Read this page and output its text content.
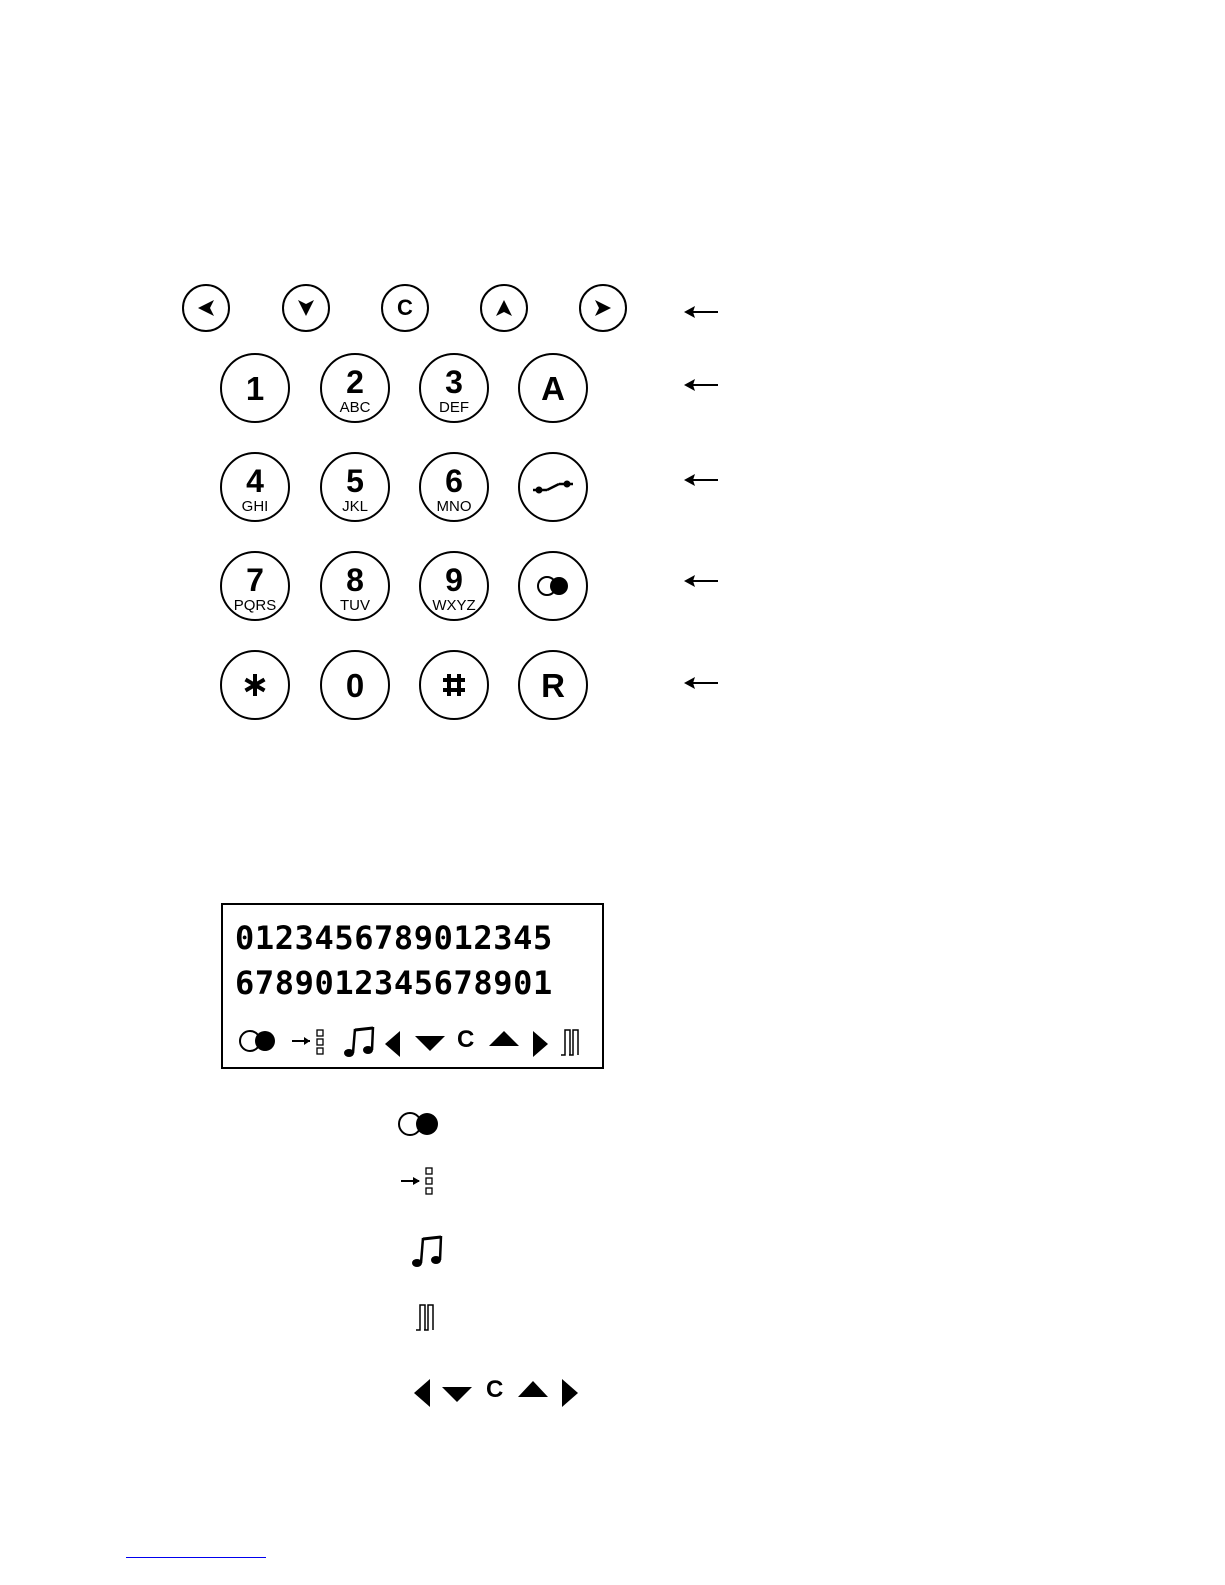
C
1	2
ABC
3
DEF
A
4
GHI
5
JKL
6
MNO
7
PQRS
8
TUV
9
WXYZ
0	R
0123456789012345
6789012345678901
C
C
